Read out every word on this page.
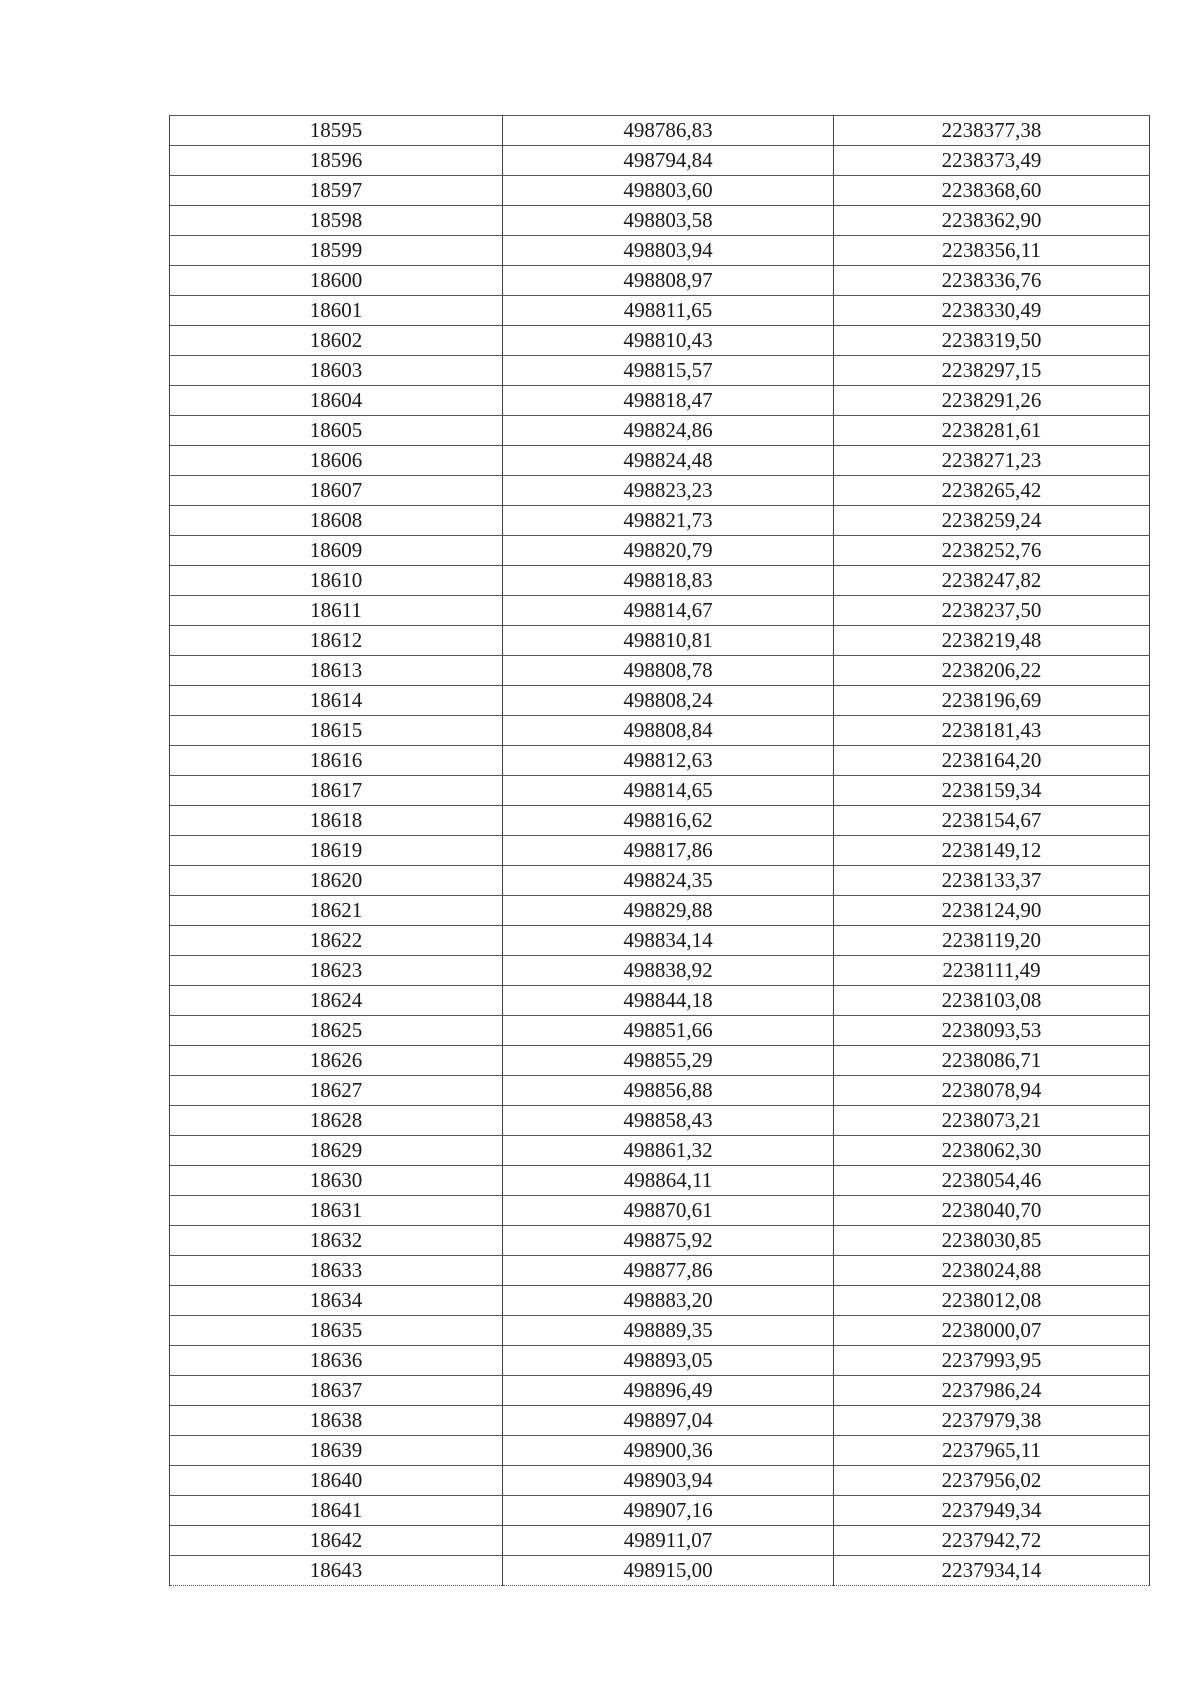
18595	498786,83	2238377,38
18596	498794,84	2238373,49
18597	498803,60	2238368,60
18598	498803,58	2238362,90
18599	498803,94	2238356,11
18600	498808,97	2238336,76
18601	498811,65	2238330,49
18602	498810,43	2238319,50
18603	498815,57	2238297,15
18604	498818,47	2238291,26
18605	498824,86	2238281,61
18606	498824,48	2238271,23
18607	498823,23	2238265,42
18608	498821,73	2238259,24
18609	498820,79	2238252,76
18610	498818,83	2238247,82
18611	498814,67	2238237,50
18612	498810,81	2238219,48
18613	498808,78	2238206,22
18614	498808,24	2238196,69
18615	498808,84	2238181,43
18616	498812,63	2238164,20
18617	498814,65	2238159,34
18618	498816,62	2238154,67
18619	498817,86	2238149,12
18620	498824,35	2238133,37
18621	498829,88	2238124,90
18622	498834,14	2238119,20
18623	498838,92	2238111,49
18624	498844,18	2238103,08
18625	498851,66	2238093,53
18626	498855,29	2238086,71
18627	498856,88	2238078,94
18628	498858,43	2238073,21
18629	498861,32	2238062,30
18630	498864,11	2238054,46
18631	498870,61	2238040,70
18632	498875,92	2238030,85
18633	498877,86	2238024,88
18634	498883,20	2238012,08
18635	498889,35	2238000,07
18636	498893,05	2237993,95
18637	498896,49	2237986,24
18638	498897,04	2237979,38
18639	498900,36	2237965,11
18640	498903,94	2237956,02
18641	498907,16	2237949,34
18642	498911,07	2237942,72
18643	498915,00	2237934,14
